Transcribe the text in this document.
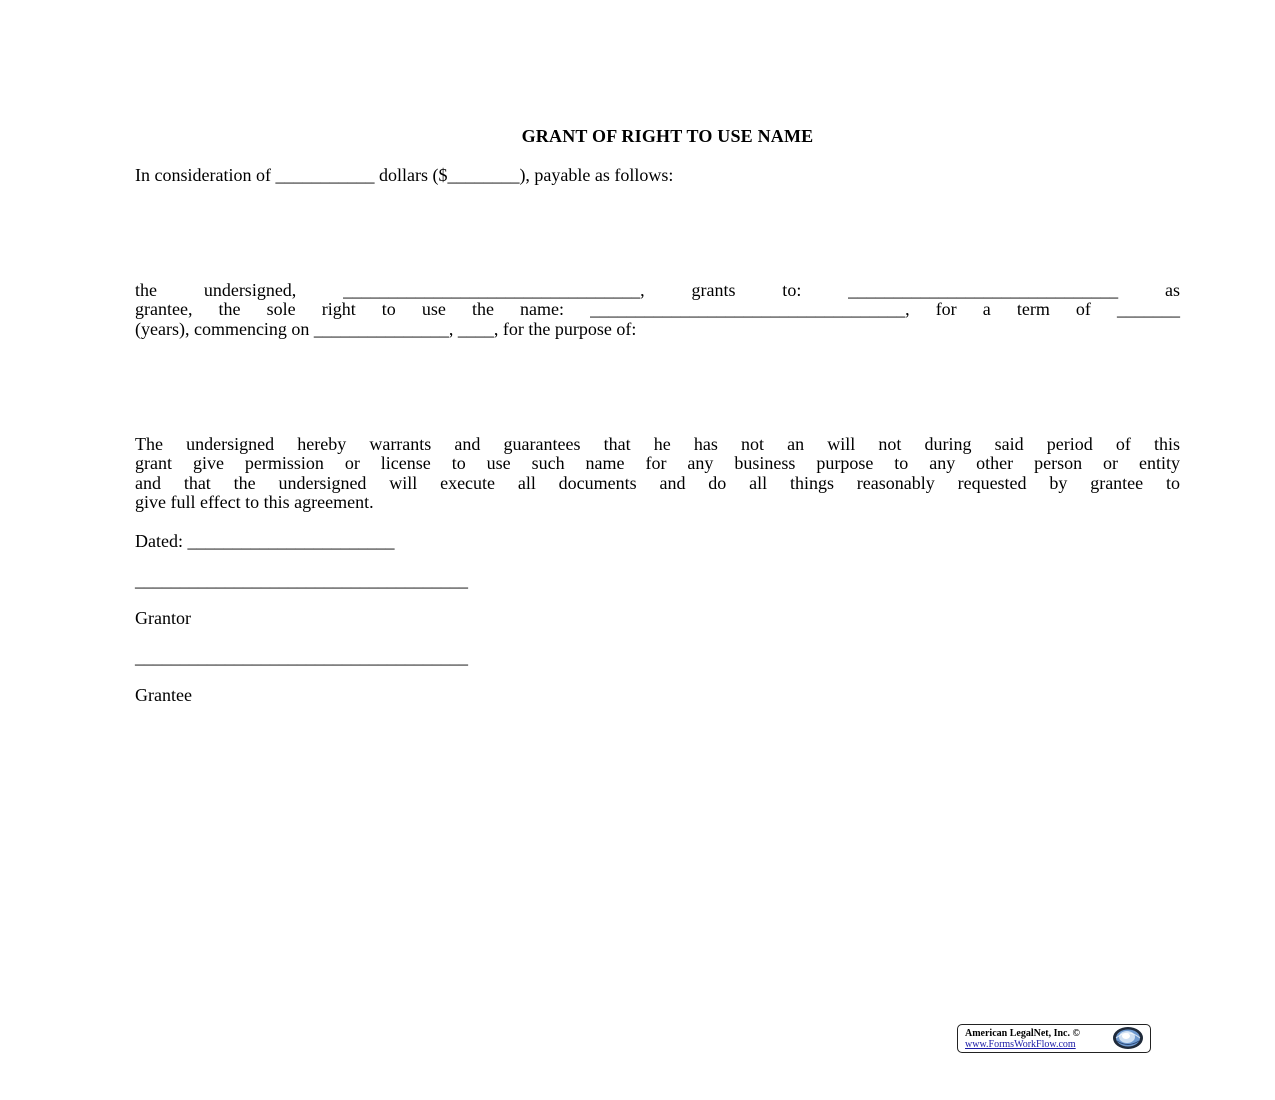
GRANT OF RIGHT TO USE NAME

In consideration of ___________ dollars ($________), payable as follows:

the undersigned, _________________________________, grants to: ______________________________ as
grantee, the sole right to use the name: ___________________________________, for a term of _______
(years), commencing on _______________, ____, for the purpose of:
The undersigned hereby warrants and guarantees that he has not an will not during said period of this
grant give permission or license to use such name for any business purpose to any other person or entity
and that the undersigned will execute all documents and do all things reasonably requested by grantee to
give full effect to this agreement.

Dated: _______________________

_____________________________________

Grantor

_____________________________________

Grantee

American LegalNet, Inc. ©
www.FormsWorkFlow.com
